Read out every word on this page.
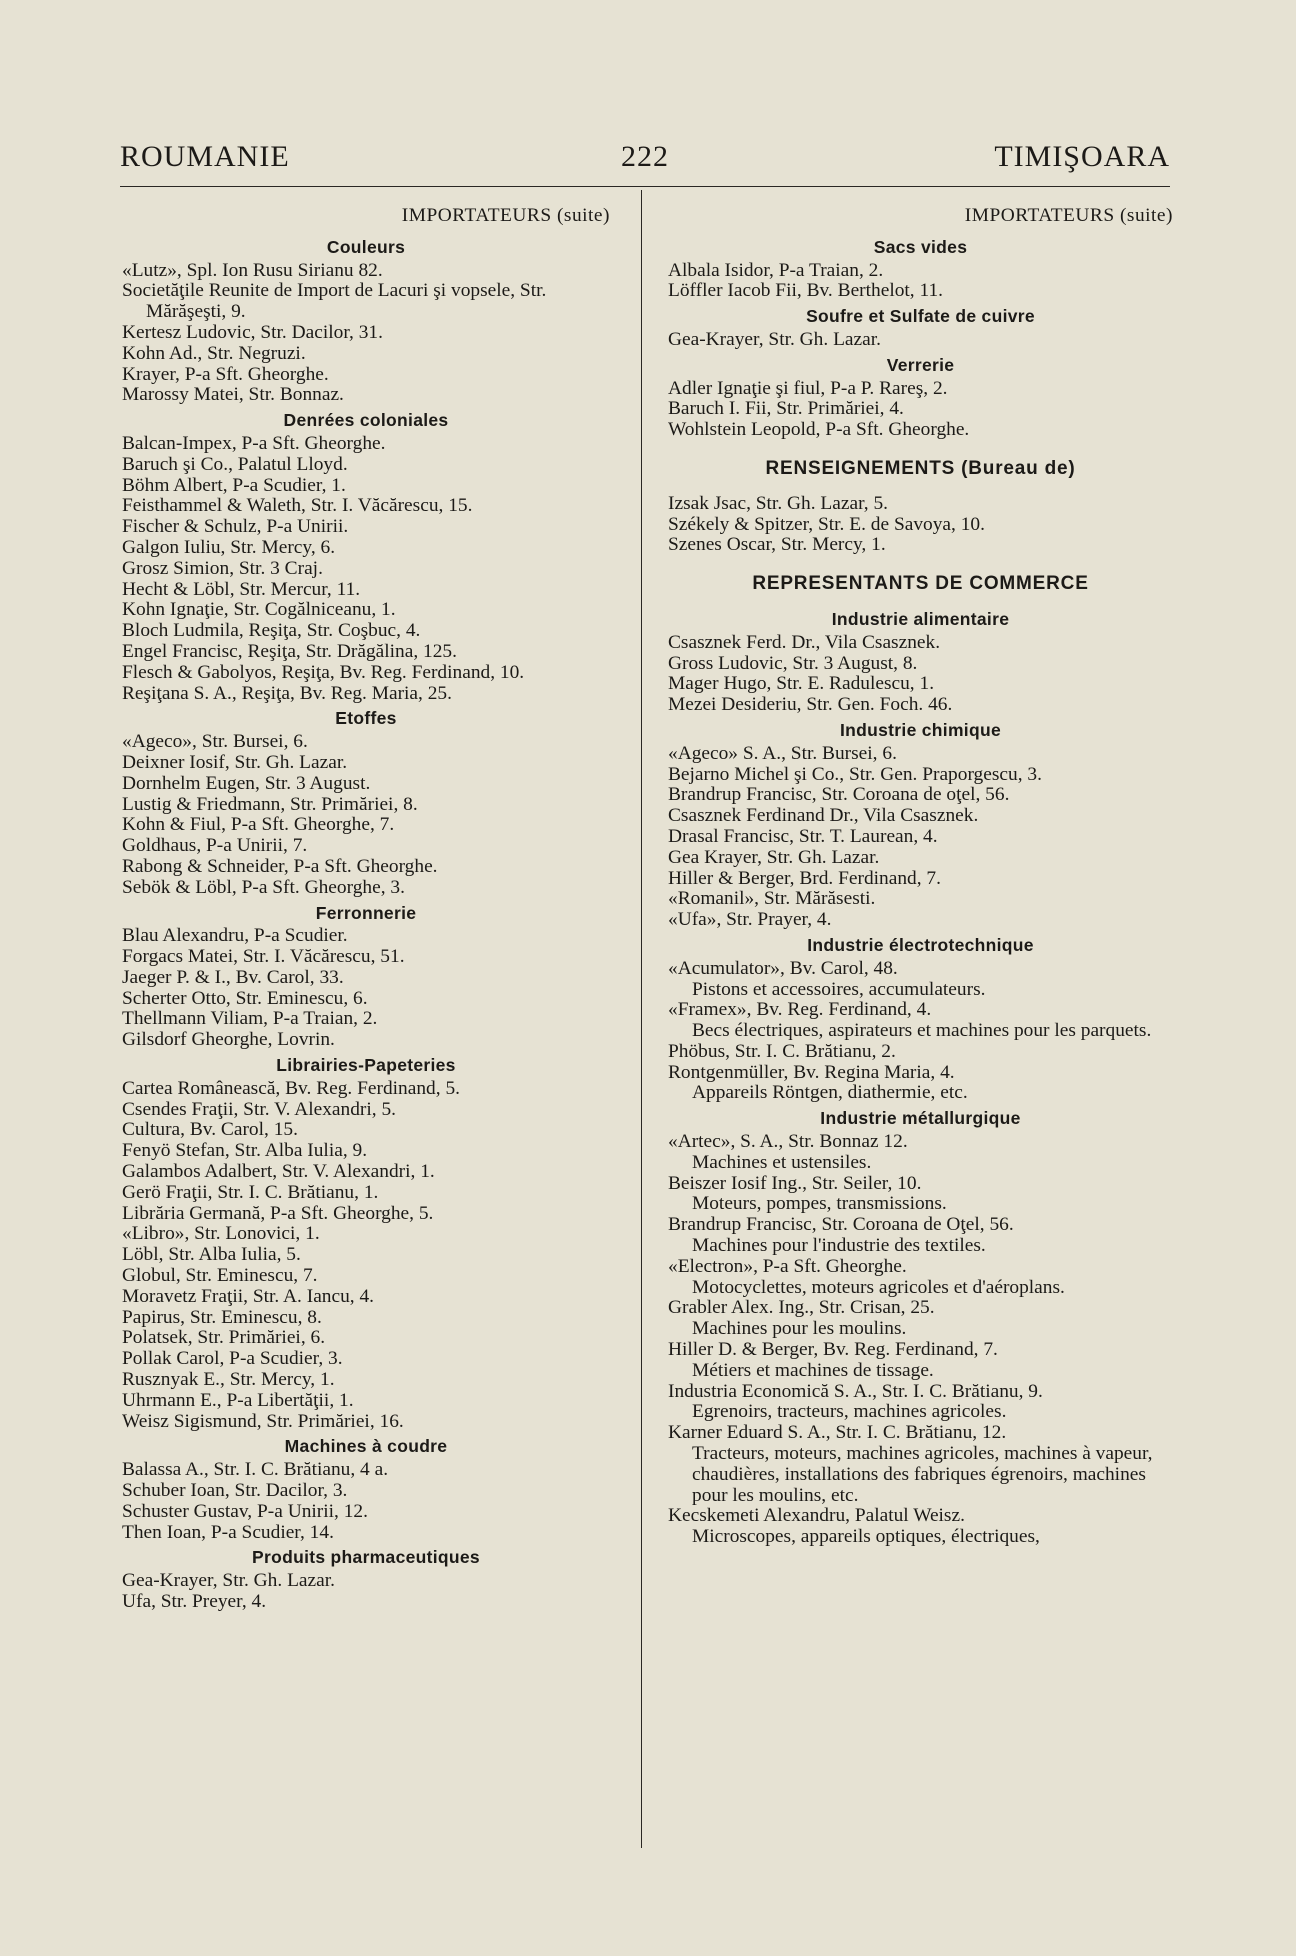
ROUMANIE	222	TIMIŞOARA
IMPORTATEURS (suite)
Couleurs

«Lutz», Spl. Ion Rusu Sirianu 82.

Societăţile Reunite de Import de Lacuri şi vopsele, Str. Mărăşeşti, 9.

Kertesz Ludovic, Str. Dacilor, 31.

Kohn Ad., Str. Negruzi.

Krayer, P-a Sft. Gheorghe.

Marossy Matei, Str. Bonnaz.

Denrées coloniales

Balcan-Impex, P-a Sft. Gheorghe.

Baruch şi Co., Palatul Lloyd.

Böhm Albert, P-a Scudier, 1.

Feisthammel & Waleth, Str. I. Văcărescu, 15.

Fischer & Schulz, P-a Unirii.

Galgon Iuliu, Str. Mercy, 6.

Grosz Simion, Str. 3 Craj.

Hecht & Löbl, Str. Mercur, 11.

Kohn Ignaţie, Str. Cogălniceanu, 1.

Bloch Ludmila, Reşiţa, Str. Coşbuc, 4.

Engel Francisc, Reşiţa, Str. Drăgălina, 125.

Flesch & Gabolyos, Reşiţa, Bv. Reg. Ferdinand, 10.

Reşiţana S. A., Reşiţa, Bv. Reg. Maria, 25.

Etoffes

«Ageco», Str. Bursei, 6.

Deixner Iosif, Str. Gh. Lazar.

Dornhelm Eugen, Str. 3 August.

Lustig & Friedmann, Str. Primăriei, 8.

Kohn & Fiul, P-a Sft. Gheorghe, 7.

Goldhaus, P-a Unirii, 7.

Rabong & Schneider, P-a Sft. Gheorghe.

Sebök & Löbl, P-a Sft. Gheorghe, 3.

Ferronnerie

Blau Alexandru, P-a Scudier.

Forgacs Matei, Str. I. Văcărescu, 51.

Jaeger P. & I., Bv. Carol, 33.

Scherter Otto, Str. Eminescu, 6.

Thellmann Viliam, P-a Traian, 2.

Gilsdorf Gheorghe, Lovrin.

Librairies-Papeteries

Cartea Românească, Bv. Reg. Ferdinand, 5.

Csendes Fraţii, Str. V. Alexandri, 5.

Cultura, Bv. Carol, 15.

Fenyö Stefan, Str. Alba Iulia, 9.

Galambos Adalbert, Str. V. Alexandri, 1.

Gerö Fraţii, Str. I. C. Brătianu, 1.

Librăria Germană, P-a Sft. Gheorghe, 5.

«Libro», Str. Lonovici, 1.

Löbl, Str. Alba Iulia, 5.

Globul, Str. Eminescu, 7.

Moravetz Fraţii, Str. A. Iancu, 4.

Papirus, Str. Eminescu, 8.

Polatsek, Str. Primăriei, 6.

Pollak Carol, P-a Scudier, 3.

Rusznyak E., Str. Mercy, 1.

Uhrmann E., P-a Libertăţii, 1.

Weisz Sigismund, Str. Primăriei, 16.

Machines à coudre

Balassa A., Str. I. C. Brătianu, 4 a.

Schuber Ioan, Str. Dacilor, 3.

Schuster Gustav, P-a Unirii, 12.

Then Ioan, P-a Scudier, 14.

Produits pharmaceutiques

Gea-Krayer, Str. Gh. Lazar.

Ufa, Str. Preyer, 4.

IMPORTATEURS (suite)
Sacs vides

Albala Isidor, P-a Traian, 2.

Löffler Iacob Fii, Bv. Berthelot, 11.

Soufre et Sulfate de cuivre

Gea-Krayer, Str. Gh. Lazar.

Verrerie

Adler Ignaţie şi fiul, P-a P. Rareş, 2.

Baruch I. Fii, Str. Primăriei, 4.

Wohlstein Leopold, P-a Sft. Gheorghe.

RENSEIGNEMENTS (Bureau de)

Izsak Jsac, Str. Gh. Lazar, 5.

Székely & Spitzer, Str. E. de Savoya, 10.

Szenes Oscar, Str. Mercy, 1.

REPRESENTANTS DE COMMERCE
Industrie alimentaire

Csasznek Ferd. Dr., Vila Csasznek.

Gross Ludovic, Str. 3 August, 8.

Mager Hugo, Str. E. Radulescu, 1.

Mezei Desideriu, Str. Gen. Foch. 46.

Industrie chimique

«Ageco» S. A., Str. Bursei, 6.

Bejarno Michel şi Co., Str. Gen. Praporgescu, 3.

Brandrup Francisc, Str. Coroana de oţel, 56.

Csasznek Ferdinand Dr., Vila Csasznek.

Drasal Francisc, Str. T. Laurean, 4.

Gea Krayer, Str. Gh. Lazar.

Hiller & Berger, Brd. Ferdinand, 7.

«Romanil», Str. Mărăsesti.

«Ufa», Str. Prayer, 4.

Industrie électrotechnique

«Acumulator», Bv. Carol, 48.

Pistons et accessoires, accumulateurs.

«Framex», Bv. Reg. Ferdinand, 4.

Becs électriques, aspirateurs et machines pour les parquets.

Phöbus, Str. I. C. Brătianu, 2.

Rontgenmüller, Bv. Regina Maria, 4.

Appareils Röntgen, diathermie, etc.

Industrie métallurgique

«Artec», S. A., Str. Bonnaz 12.

Machines et ustensiles.

Beiszer Iosif Ing., Str. Seiler, 10.

Moteurs, pompes, transmissions.

Brandrup Francisc, Str. Coroana de Oţel, 56.

Machines pour l'industrie des textiles.

«Electron», P-a Sft. Gheorghe.

Motocyclettes, moteurs agricoles et d'aéroplans.

Grabler Alex. Ing., Str. Crisan, 25.

Machines pour les moulins.

Hiller D. & Berger, Bv. Reg. Ferdinand, 7.

Métiers et machines de tissage.

Industria Economică S. A., Str. I. C. Brătianu, 9.

Egrenoirs, tracteurs, machines agricoles.

Karner Eduard S. A., Str. I. C. Brătianu, 12.

Tracteurs, moteurs, machines agricoles, machines à vapeur, chaudières, installations des fabriques égrenoirs, machines pour les moulins, etc.

Kecskemeti Alexandru, Palatul Weisz.

Microscopes, appareils optiques, électriques,
